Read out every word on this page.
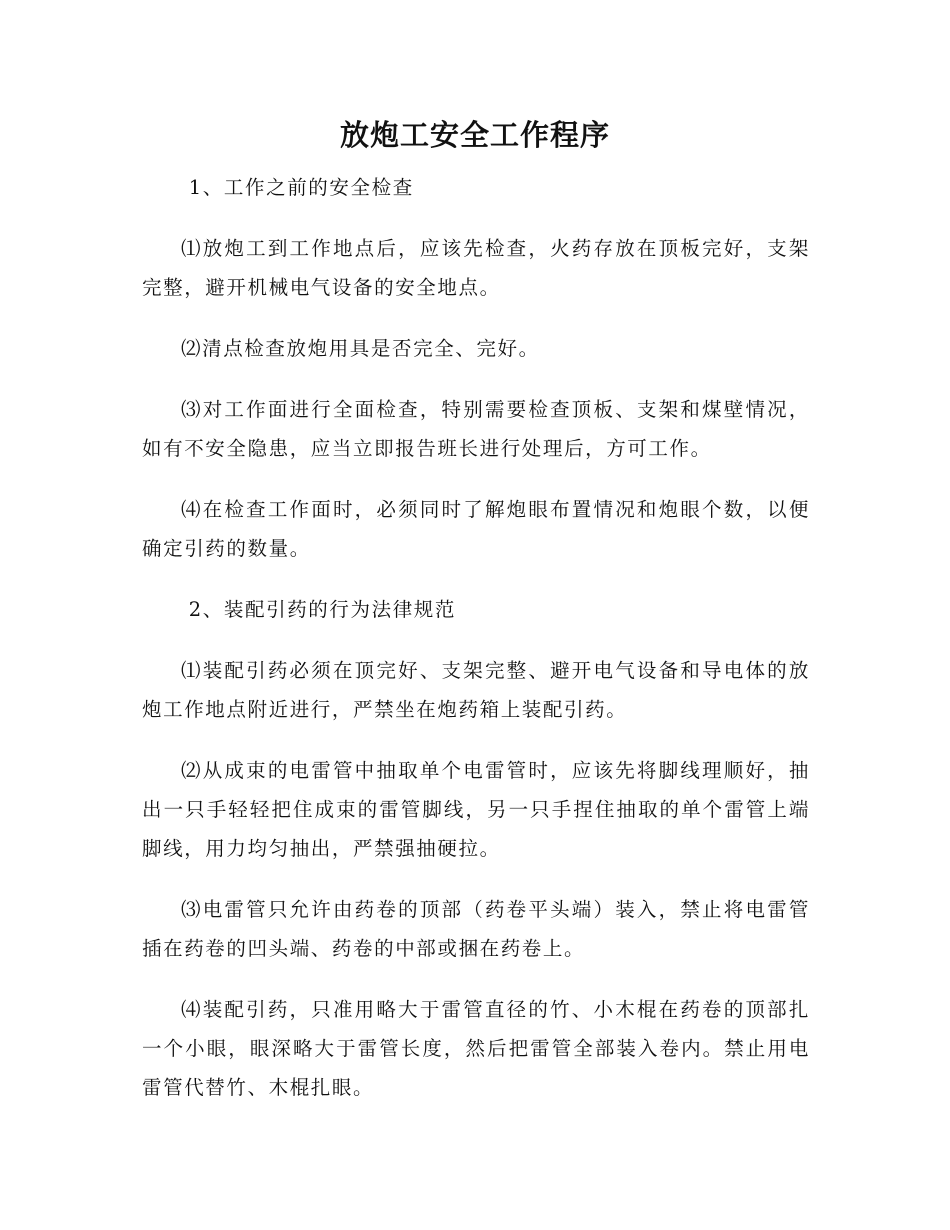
放炮工安全工作程序

1、工作之前的安全检查

⑴放炮工到工作地点后，应该先检查，火药存放在顶板完好，支架完整，避开机械电气设备的安全地点。

⑵清点检查放炮用具是否完全、完好。

⑶对工作面进行全面检查，特别需要检查顶板、支架和煤壁情况，如有不安全隐患，应当立即报告班长进行处理后，方可工作。

⑷在检查工作面时，必须同时了解炮眼布置情况和炮眼个数，以便确定引药的数量。

2、装配引药的行为法律规范

⑴装配引药必须在顶完好、支架完整、避开电气设备和导电体的放炮工作地点附近进行，严禁坐在炮药箱上装配引药。

⑵从成束的电雷管中抽取单个电雷管时，应该先将脚线理顺好，抽出一只手轻轻把住成束的雷管脚线，另一只手捏住抽取的单个雷管上端脚线，用力均匀抽出，严禁强抽硬拉。

⑶电雷管只允许由药卷的顶部（药卷平头端）装入，禁止将电雷管插在药卷的凹头端、药卷的中部或捆在药卷上。

⑷装配引药，只准用略大于雷管直径的竹、小木棍在药卷的顶部扎一个小眼，眼深略大于雷管长度，然后把雷管全部装入卷内。禁止用电雷管代替竹、木棍扎眼。
